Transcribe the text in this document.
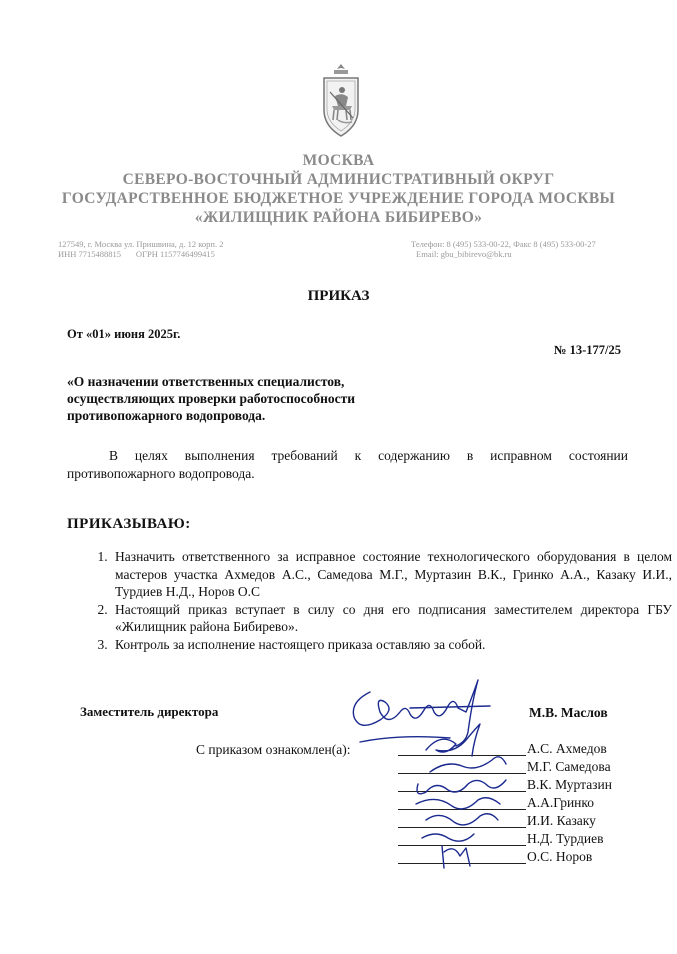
МОСКВА
СЕВЕРО-ВОСТОЧНЫЙ АДМИНИСТРАТИВНЫЙ ОКРУГ
ГОСУДАРСТВЕННОЕ БЮДЖЕТНОЕ УЧРЕЖДЕНИЕ ГОРОДА МОСКВЫ
«ЖИЛИЩНИК РАЙОНА БИБИРЕВО»
127549, г. Москва ул. Пришвина, д. 12 корп. 2
ИНН 7715488815       ОГРН 1157746499415
Телефон: 8 (495) 533-00-22, Факс 8 (495) 533-00-27
Email: gbu_bibirevo@bk.ru
ПРИКАЗ
От «01» июня 2025г.
№ 13-177/25
«О назначении ответственных специалистов,
осуществляющих проверки работоспособности
противопожарного водопровода.
В целях выполнения требований к содержанию в исправном состоянии противопожарного водопровода.
ПРИКАЗЫВАЮ:
1. Назначить ответственного за исправное состояние технологического оборудования в целом мастеров участка Ахмедов А.С., Самедова М.Г., Муртазин В.К., Гринко А.А., Казаку И.И., Турдиев Н.Д., Норов О.С
2. Настоящий приказ вступает в силу со дня его подписания заместителем директора ГБУ «Жилищник района Бибирево».
3. Контроль за исполнение настоящего приказа оставляю за собой.
Заместитель директора	М.В. Маслов
С приказом ознакомлен(а):	А.С. Ахмедов
М.Г. Самедова
В.К. Муртазин
А.А.Гринко
И.И. Казаку
Н.Д. Турдиев
О.С. Норов
